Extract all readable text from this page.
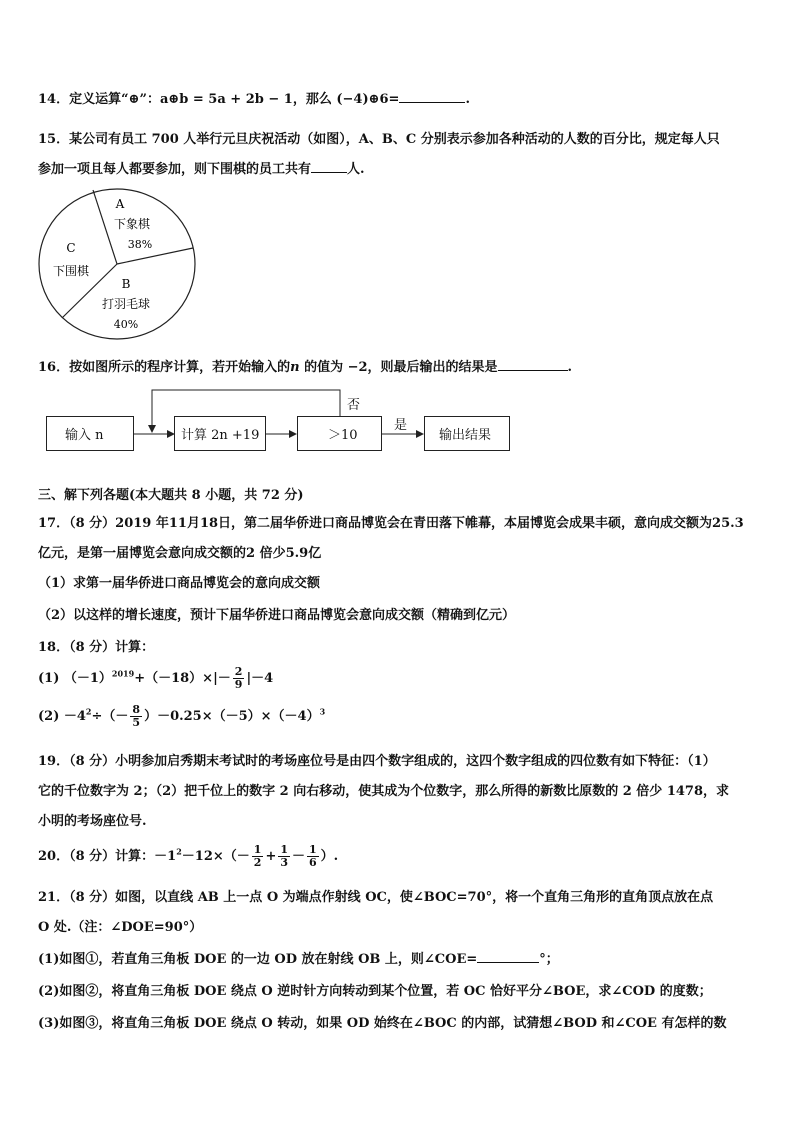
14．定义运算“⊕”：a⊕b = 5a + 2b − 1，那么 (−4)⊕6=	.
15．某公司有员工 700 人举行元旦庆祝活动（如图），A、B、C 分别表示参加各种活动的人数的百分比，规定每人只
参加一项且每人都要参加，则下围棋的员工共有	人.
A
下象棋
38%
C
下围棋
B
打羽毛球
40%
16．按如图所示的程序计算，若开始输入的n 的值为 −2，则最后输出的结果是	.
输入 n	计算 2n +19	＞10	输出结果
否
是
三、解下列各题(本大题共 8 小题，共 72 分)
17．（8 分）2019 年11月18日，第二届华侨进口商品博览会在青田落下帷幕，本届博览会成果丰硕，意向成交额为25.3
亿元，是第一届博览会意向成交额的2 倍少5.9亿
（1）求第一届华侨进口商品博览会的意向成交额
（2）以这样的增长速度，预计下届华侨进口商品博览会意向成交额（精确到亿元）
18．（8 分）计算：
(1) $(-1)^{2019}+(-18)\times|- \frac{2}{9} |-4$
$(2) -4^2\div(- \frac{8}{5} )-0.25\times(-5)\times(-4)^3$
19．（8 分）小明参加启秀期末考试时的考场座位号是由四个数字组成的，这四个数字组成的四位数有如下特征：（1）
它的千位数字为 2；（2）把千位上的数字 2 向右移动，使其成为个位数字，那么所得的新数比原数的 2 倍少 1478，求
小明的考场座位号.
20．（8 分）计算：$-1^2-12\times(- \frac{1}{2} + \frac{1}{3} - \frac{1}{6}$ ）.
21．（8 分）如图，以直线 AB 上一点 O 为端点作射线 OC，使∠BOC=70°，将一个直角三角形的直角顶点放在点
O 处.（注：∠DOE=90°）
(1)如图①，若直角三角板 DOE 的一边 OD 放在射线 OB 上，则∠COE=	°；
(2)如图②，将直角三角板 DOE 绕点 O 逆时针方向转动到某个位置，若 OC 恰好平分∠BOE，求∠COD 的度数；
(3)如图③，将直角三角板 DOE 绕点 O 转动，如果 OD 始终在∠BOC 的内部，试猜想∠BOD 和∠COE 有怎样的数
